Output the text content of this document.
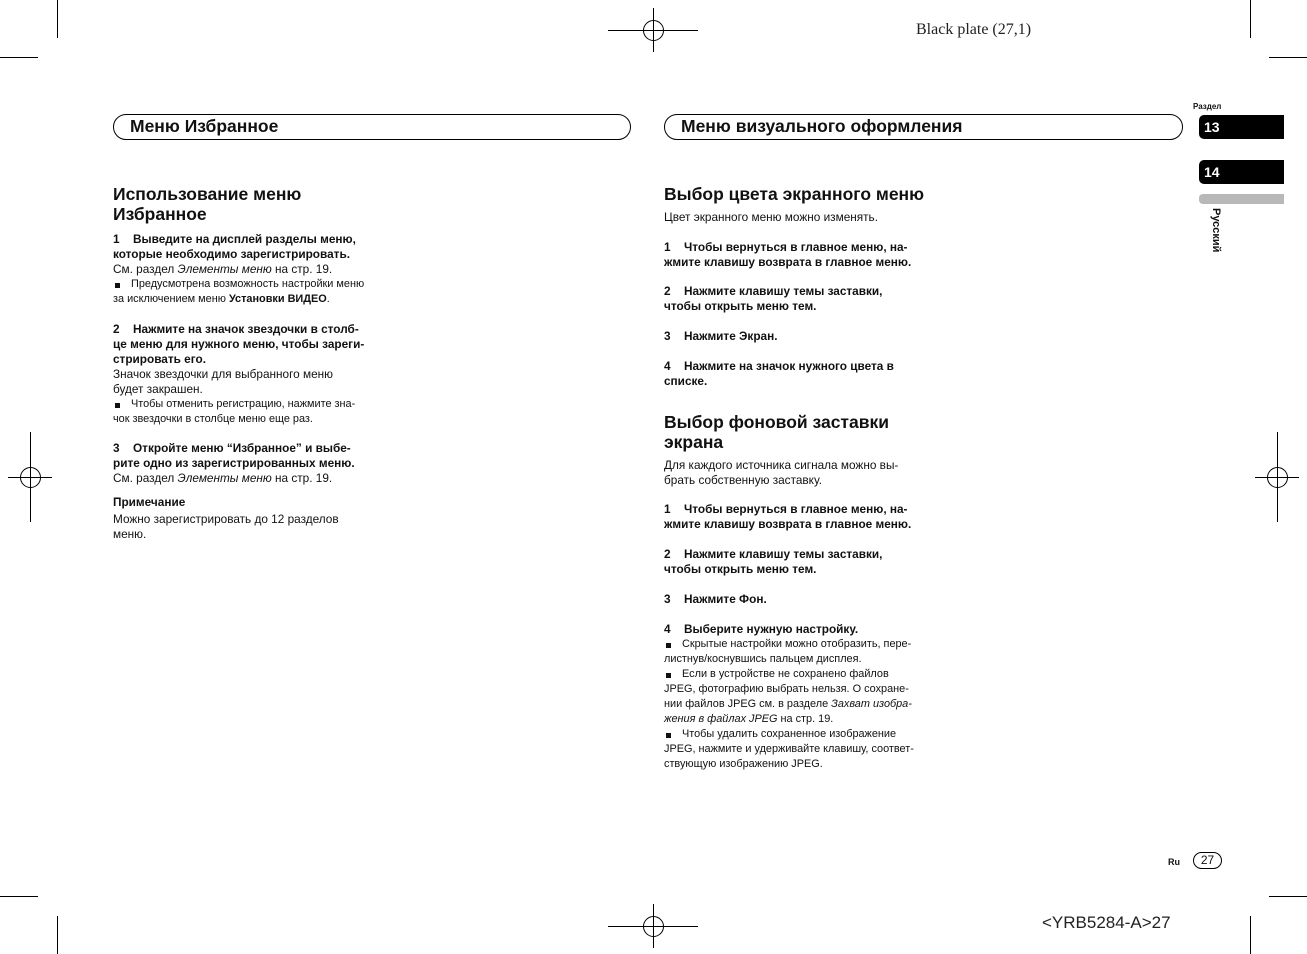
Black plate (27,1)
<YRB5284-A>27
Раздел
13
14
Русский
Ru	27
Меню Избранное
Использование меню
Избранное
1 Выведите на дисплей разделы меню,
которые необходимо зарегистрировать.
См. раздел Элементы меню на стр. 19.
Предусмотрена возможность настройки меню
за исключением меню Установки ВИДЕО.
2 Нажмите на значок звездочки в столб-
це меню для нужного меню, чтобы зареги-
стрировать его.
Значок звездочки для выбранного меню
будет закрашен.
Чтобы отменить регистрацию, нажмите зна-
чок звездочки в столбце меню еще раз.
3 Откройте меню “Избранное” и выбе-
рите одно из зарегистрированных меню.
См. раздел Элементы меню на стр. 19.
Примечание
Можно зарегистрировать до 12 разделов
меню.
Меню визуального оформления
Выбор цвета экранного меню
Цвет экранного меню можно изменять.
1 Чтобы вернуться в главное меню, на-
жмите клавишу возврата в главное меню.
2 Нажмите клавишу темы заставки,
чтобы открыть меню тем.
3 Нажмите Экран.
4 Нажмите на значок нужного цвета в
списке.
Выбор фоновой заставки
экрана
Для каждого источника сигнала можно вы-
брать собственную заставку.
1 Чтобы вернуться в главное меню, на-
жмите клавишу возврата в главное меню.
2 Нажмите клавишу темы заставки,
чтобы открыть меню тем.
3 Нажмите Фон.
4 Выберите нужную настройку.
Скрытые настройки можно отобразить, пере-
листнув/коснувшись пальцем дисплея.
Если в устройстве не сохранено файлов
JPEG, фотографию выбрать нельзя. О сохране-
нии файлов JPEG см. в разделе Захват изобра-
жения в файлах JPEG на стр. 19.
Чтобы удалить сохраненное изображение
JPEG, нажмите и удерживайте клавишу, соответ-
ствующую изображению JPEG.
